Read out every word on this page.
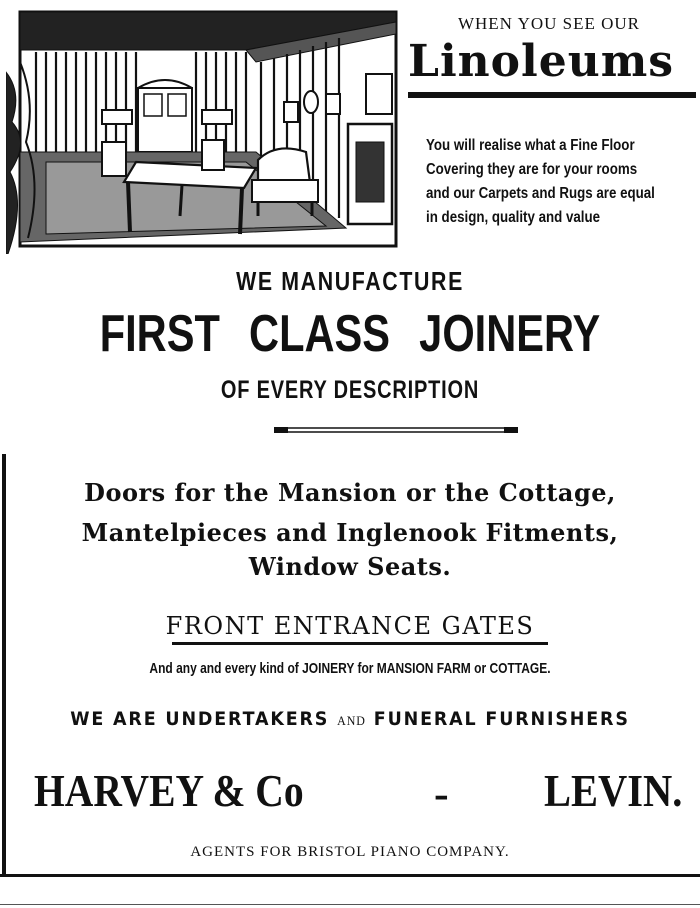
WHEN YOU SEE OUR
Linoleums
You will realise what a Fine Floor
Covering they are for your rooms
and our Carpets and Rugs are equal
in design, quality and value
WE MANUFACTURE
FIRST CLASS JOINERY
OF EVERY DESCRIPTION
Doors for the Mansion or the Cottage,
Mantelpieces and Inglenook Fitments,
Window Seats.
FRONT ENTRANCE GATES
And any and every kind of JOINERY for MANSION FARM or COTTAGE.
WE ARE UNDERTAKERS AND FUNERAL FURNISHERS
HARVEY & Co	- LEVIN.
AGENTS FOR BRISTOL PIANO COMPANY.
